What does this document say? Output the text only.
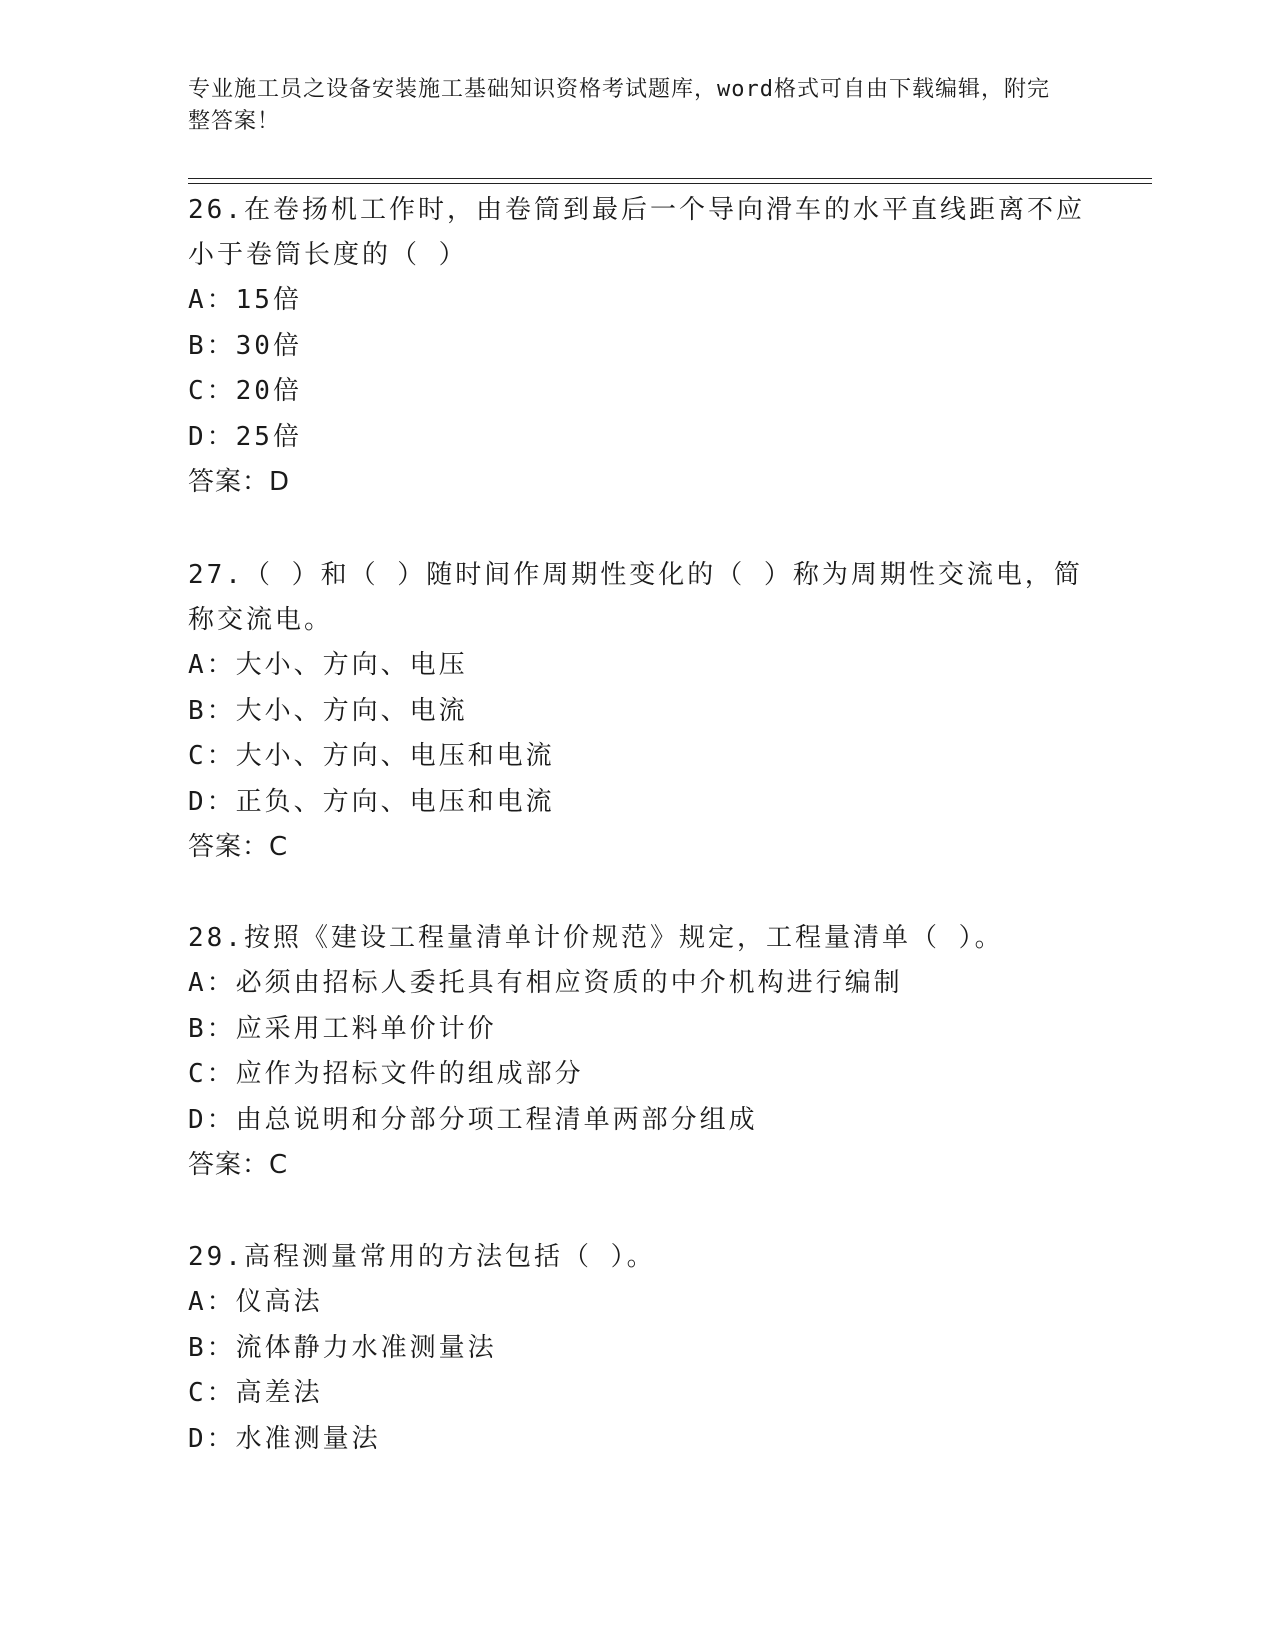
专业施工员之设备安装施工基础知识资格考试题库，word格式可自由下载编辑，附完整答案！

26.在卷扬机工作时，由卷筒到最后一个导向滑车的水平直线距离不应小于卷筒长度的（ ）

A：15倍

B：30倍

C：20倍

D：25倍

答案：D

27.（ ）和（ ）随时间作周期性变化的（ ）称为周期性交流电，简称交流电。

A：大小、方向、电压

B：大小、方向、电流

C：大小、方向、电压和电流

D：正负、方向、电压和电流

答案：C

28.按照《建设工程量清单计价规范》规定，工程量清单（ ）。

A：必须由招标人委托具有相应资质的中介机构进行编制

B：应采用工料单价计价

C：应作为招标文件的组成部分

D：由总说明和分部分项工程清单两部分组成

答案：C

29.高程测量常用的方法包括（ ）。

A：仪高法

B：流体静力水准测量法

C：高差法

D：水准测量法
